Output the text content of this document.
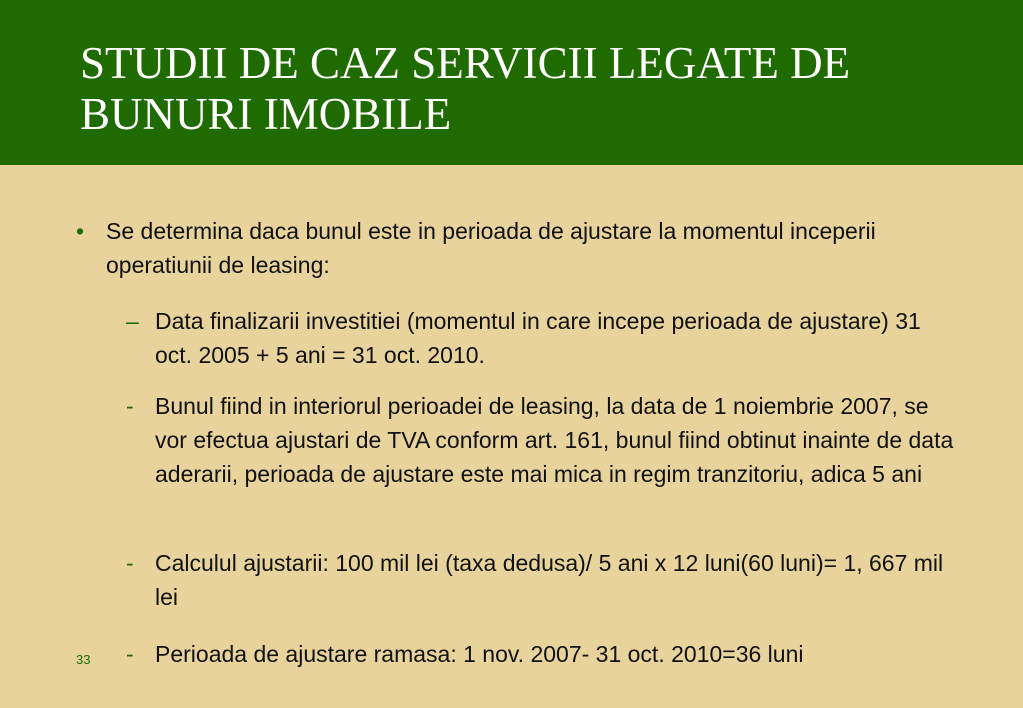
STUDII DE CAZ SERVICII LEGATE DE BUNURI IMOBILE
• Se determina daca bunul este in perioada de ajustare la momentul inceperii operatiunii de leasing:
– Data finalizarii investitiei (momentul in care incepe perioada de ajustare) 31 oct. 2005 + 5 ani = 31 oct. 2010.
- Bunul fiind in interiorul perioadei de leasing, la data de 1 noiembrie 2007, se vor efectua ajustari de TVA conform art. 161, bunul fiind obtinut inainte de data aderarii, perioada de ajustare este mai mica in regim tranzitoriu, adica 5 ani
- Calculul ajustarii: 100 mil lei (taxa dedusa)/ 5 ani x 12 luni(60 luni)= 1, 667 mil lei
- Perioada de ajustare ramasa: 1 nov. 2007- 31 oct. 2010=36 luni
33
